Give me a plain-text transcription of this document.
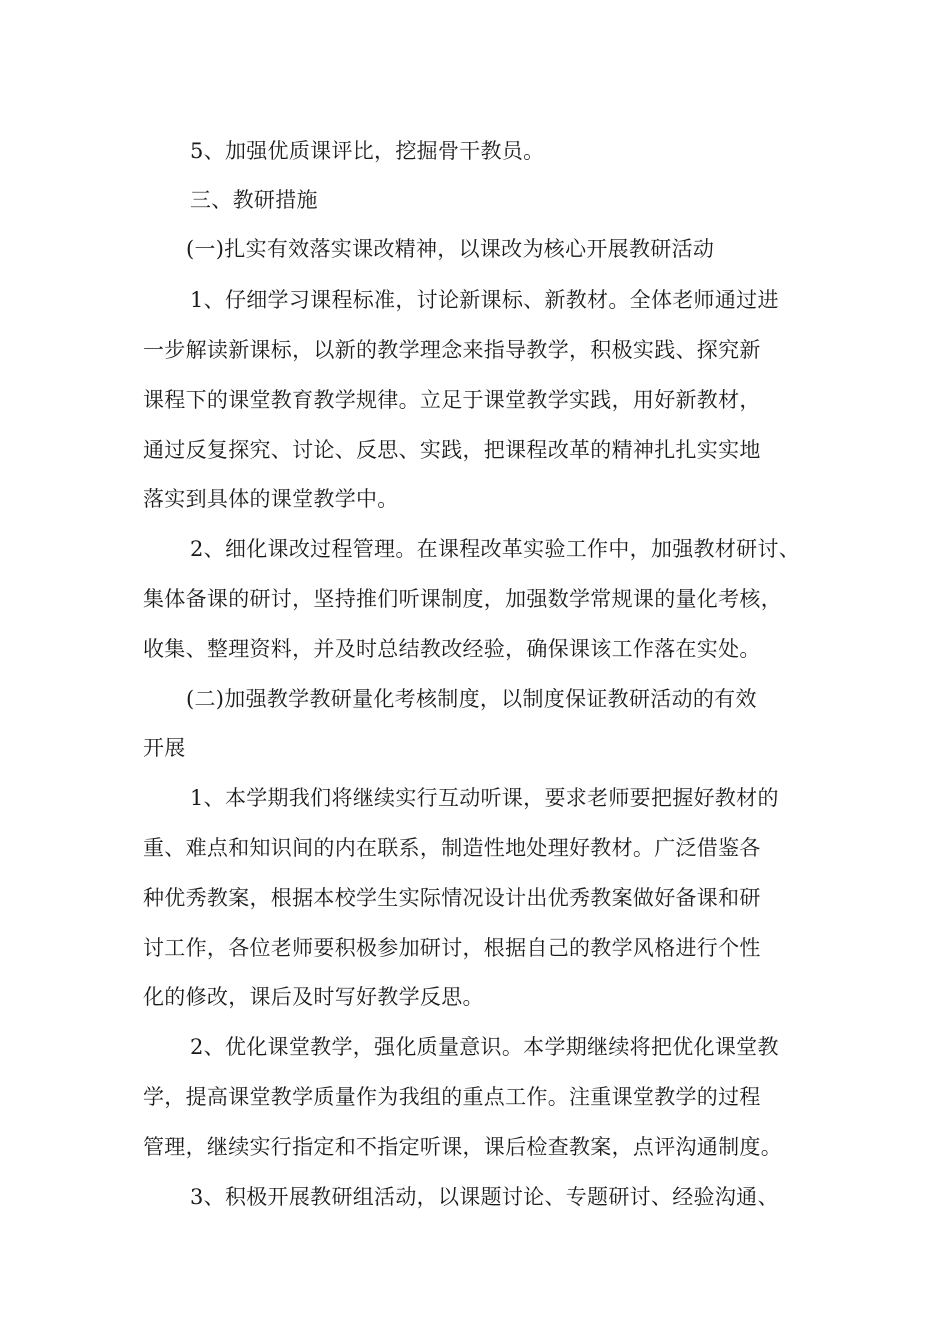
5、加强优质课评比，挖掘骨干教员。
三、教研措施
(一)扎实有效落实课改精神，以课改为核心开展教研活动
1、仔细学习课程标准，讨论新课标、新教材。全体老师通过进
一步解读新课标，以新的教学理念来指导教学，积极实践、探究新
课程下的课堂教育教学规律。立足于课堂教学实践，用好新教材，
通过反复探究、讨论、反思、实践，把课程改革的精神扎扎实实地
落实到具体的课堂教学中。
2、细化课改过程管理。在课程改革实验工作中，加强教材研讨、
集体备课的研讨，坚持推们听课制度，加强数学常规课的量化考核，
收集、整理资料，并及时总结教改经验，确保课该工作落在实处。
(二)加强教学教研量化考核制度，以制度保证教研活动的有效
开展
1、本学期我们将继续实行互动听课，要求老师要把握好教材的
重、难点和知识间的内在联系，制造性地处理好教材。广泛借鉴各
种优秀教案，根据本校学生实际情况设计出优秀教案做好备课和研
讨工作，各位老师要积极参加研讨，根据自己的教学风格进行个性
化的修改，课后及时写好教学反思。
2、优化课堂教学，强化质量意识。本学期继续将把优化课堂教
学，提高课堂教学质量作为我组的重点工作。注重课堂教学的过程
管理，继续实行指定和不指定听课，课后检查教案，点评沟通制度。
3、积极开展教研组活动，以课题讨论、专题研讨、经验沟通、
